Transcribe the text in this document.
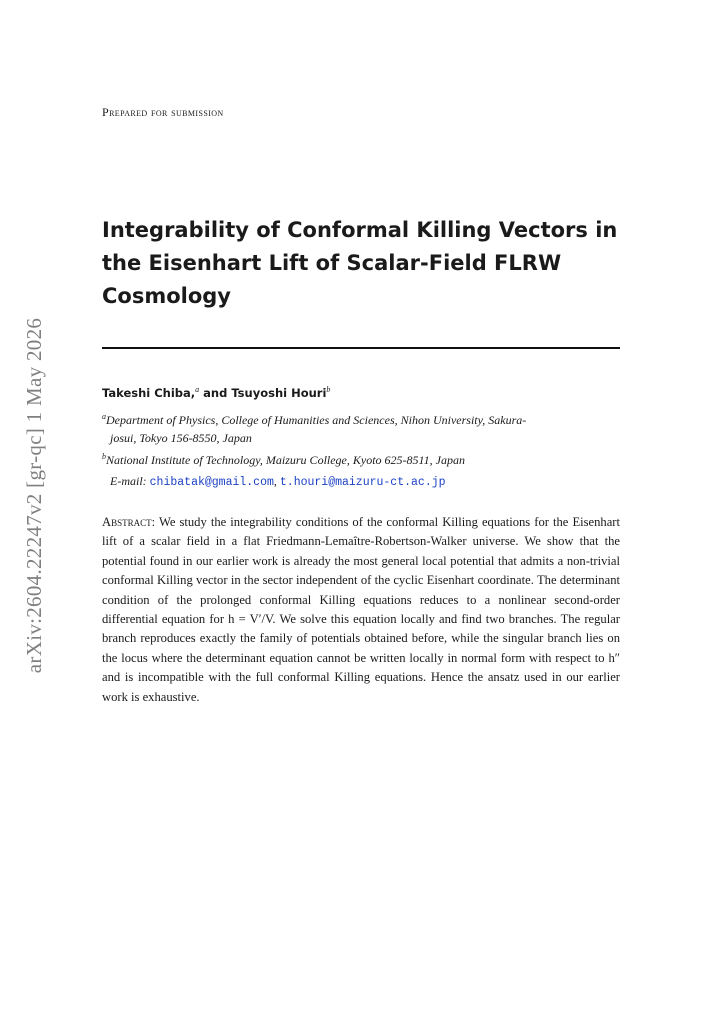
arXiv:2604.22247v2 [gr-qc] 1 May 2026
Prepared for submission
Integrability of Conformal Killing Vectors in the Eisenhart Lift of Scalar-Field FLRW Cosmology
Takeshi Chiba,$^a$ and Tsuyoshi Houri$^b$
$^a$Department of Physics, College of Humanities and Sciences, Nihon University, Sakura-
josui, Tokyo 156-8550, Japan
$^b$National Institute of Technology, Maizuru College, Kyoto 625-8511, Japan
E-mail: chibatak@gmail.com, t.houri@maizuru-ct.ac.jp

Abstract: We study the integrability conditions of the conformal Killing equations for the Eisenhart lift of a scalar field in a flat Friedmann-Lemaître-Robertson-Walker universe. We show that the potential found in our earlier work is already the most general local potential that admits a non-trivial conformal Killing vector in the sector independent of the cyclic Eisenhart coordinate. The determinant condition of the prolonged conformal Killing equations reduces to a nonlinear second-order differential equation for h = V′/V. We solve this equation locally and find two branches. The regular branch reproduces exactly the family of potentials obtained before, while the singular branch lies on the locus where the determinant equation cannot be written locally in normal form with respect to h″ and is incompatible with the full conformal Killing equations. Hence the ansatz used in our earlier work is exhaustive.
